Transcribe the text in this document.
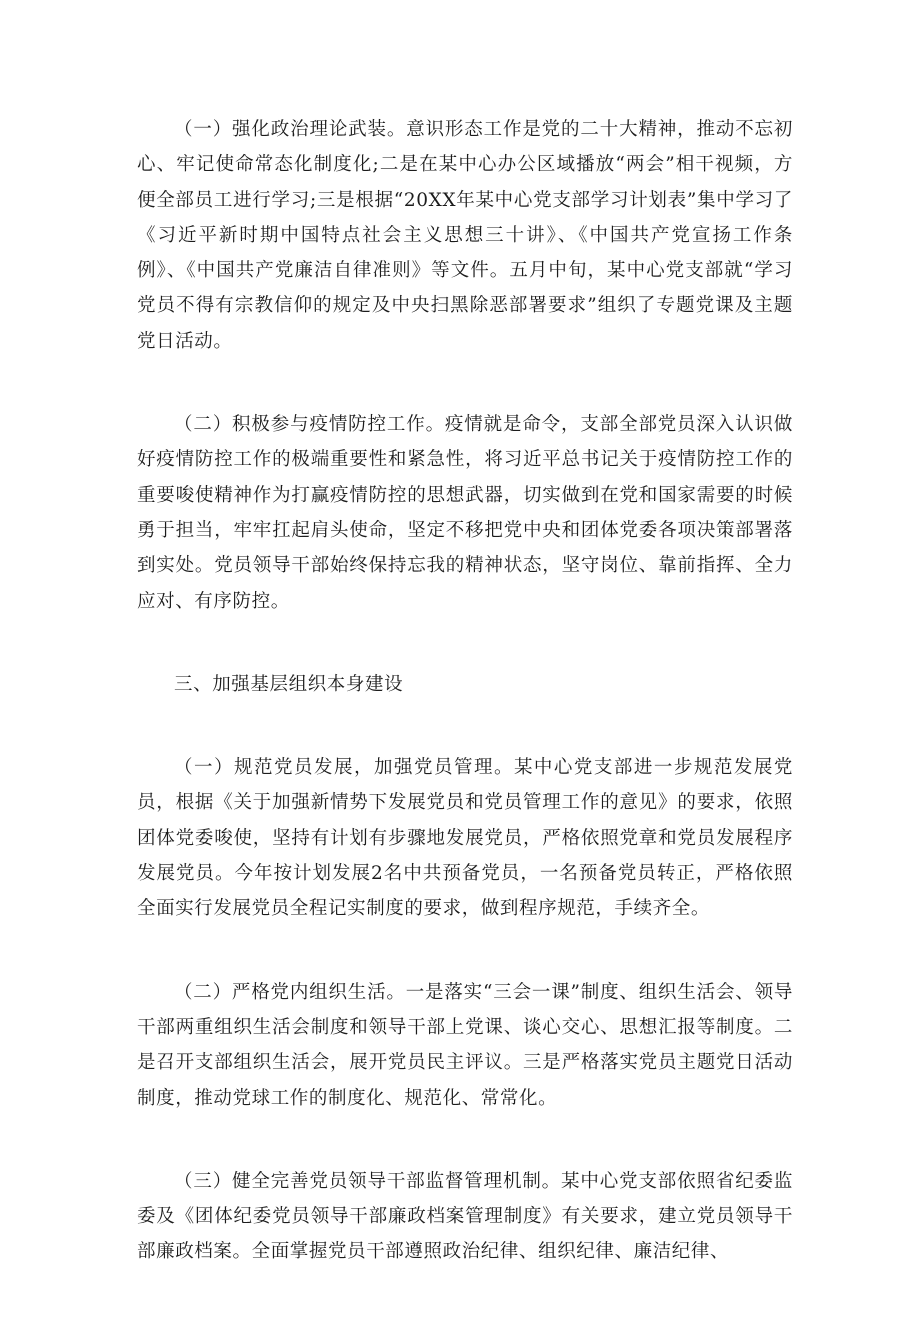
（一）强化政治理论武装。意识形态工作是党的二十大精神，推动不忘初心、牢记使命常态化制度化;二是在某中心办公区域播放“两会”相干视频，方便全部员工进行学习;三是根据“20XX年某中心党支部学习计划表”集中学习了《习近平新时期中国特点社会主义思想三十讲》、《中国共产党宣扬工作条例》、《中国共产党廉洁自律准则》等文件。五月中旬，某中心党支部就“学习党员不得有宗教信仰的规定及中央扫黑除恶部署要求”组织了专题党课及主题党日活动。

（二）积极参与疫情防控工作。疫情就是命令，支部全部党员深入认识做好疫情防控工作的极端重要性和紧急性，将习近平总书记关于疫情防控工作的重要唆使精神作为打赢疫情防控的思想武器，切实做到在党和国家需要的时候勇于担当，牢牢扛起肩头使命，坚定不移把党中央和团体党委各项决策部署落到实处。党员领导干部始终保持忘我的精神状态，坚守岗位、靠前指挥、全力应对、有序防控。

三、加强基层组织本身建设

（一）规范党员发展，加强党员管理。某中心党支部进一步规范发展党员，根据《关于加强新情势下发展党员和党员管理工作的意见》的要求，依照团体党委唆使，坚持有计划有步骤地发展党员，严格依照党章和党员发展程序发展党员。今年按计划发展2名中共预备党员，一名预备党员转正，严格依照全面实行发展党员全程记实制度的要求，做到程序规范，手续齐全。

（二）严格党内组织生活。一是落实“三会一课”制度、组织生活会、领导干部两重组织生活会制度和领导干部上党课、谈心交心、思想汇报等制度。二是召开支部组织生活会，展开党员民主评议。三是严格落实党员主题党日活动制度，推动党球工作的制度化、规范化、常常化。

（三）健全完善党员领导干部监督管理机制。某中心党支部依照省纪委监委及《团体纪委党员领导干部廉政档案管理制度》有关要求，建立党员领导干部廉政档案。全面掌握党员干部遵照政治纪律、组织纪律、廉洁纪律、
